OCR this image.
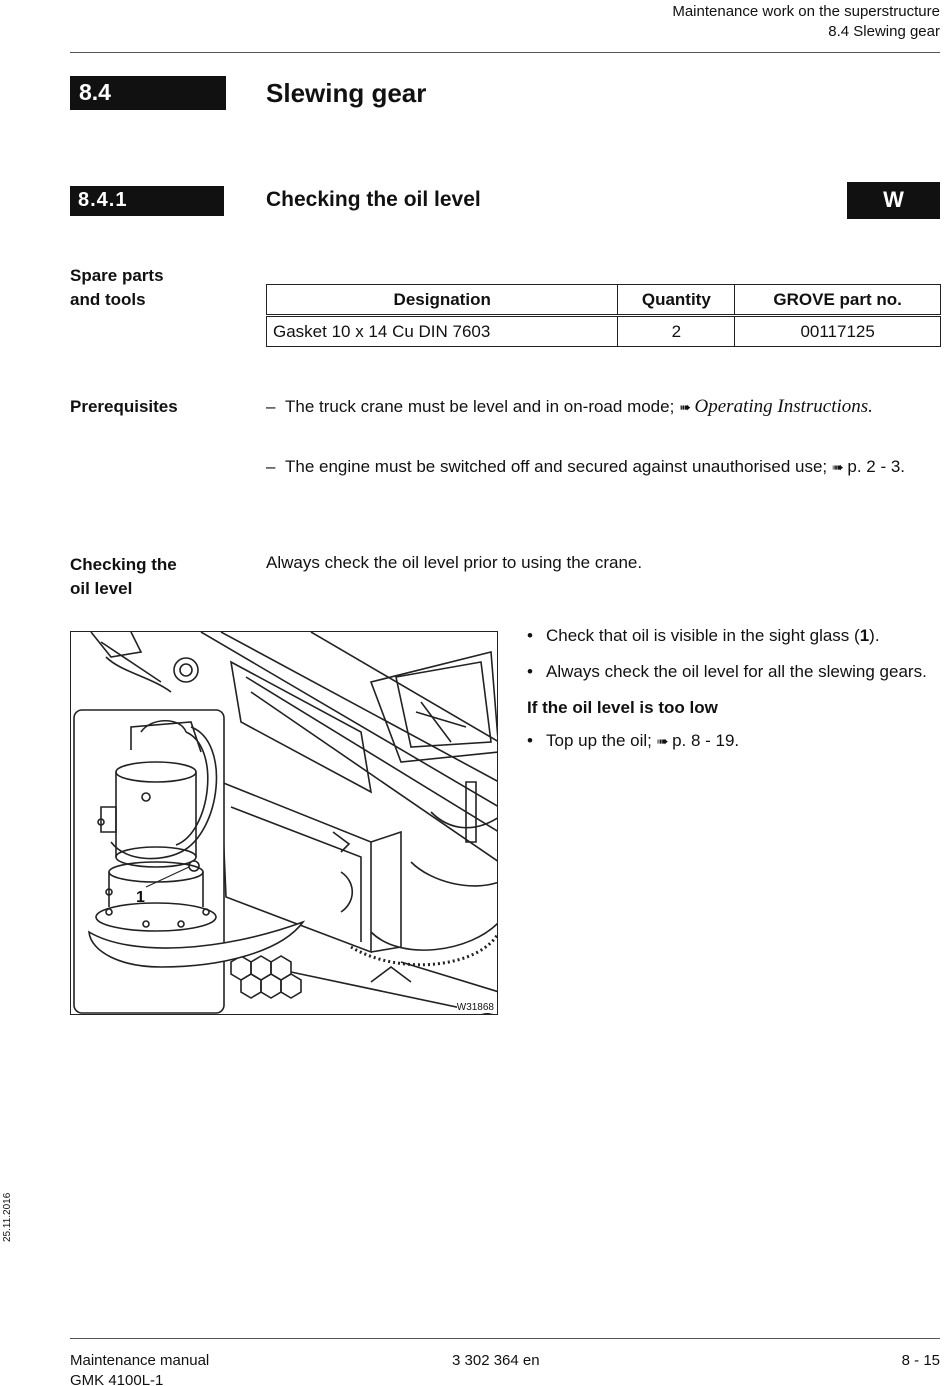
Maintenance work on the superstructure
8.4 Slewing gear
8.4	Slewing gear
8.4.1	Checking the oil level	W
Spare parts
and tools	Designation	Quantity	GROVE part no.
Gasket 10 x 14 Cu DIN 7603	2	00117125
Prerequisites	– The truck crane must be level and in on-road mode; ➠ Operating Instructions.
– The engine must be switched off and secured against unauthorised use; ➠ p. 2 - 3.
Checking the
oil level
Always check the oil level prior to using the crane.
1
W31868
• Check that oil is visible in the sight glass (1).
• Always check the oil level for all the slewing gears.
If the oil level is too low
• Top up the oil; ➠ p. 8 - 19.
25.11.2016
Maintenance manual
GMK 4100L-1
3 302 364 en	8 - 15
